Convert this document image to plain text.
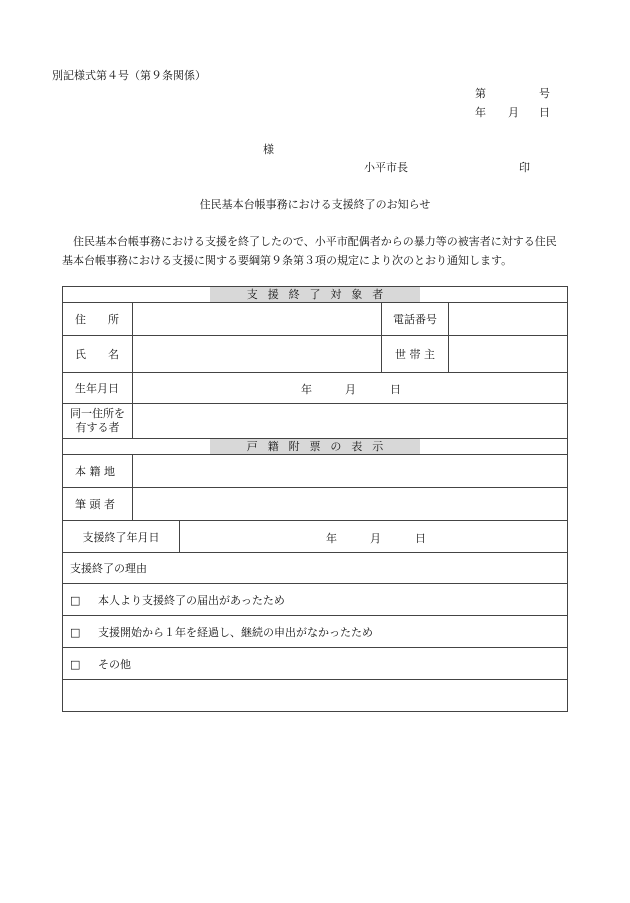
別記様式第４号（第９条関係）
第	号
年 月 日
様
小平市長	印
住民基本台帳事務における支援終了のお知らせ
住民基本台帳事務における支援を終了したので、小平市配偶者からの暴力等の被害者に対する住民基本台帳事務における支援に関する要綱第９条第３項の規定により次のとおり通知します。
支援終了対象者				

住　　所			電話番号	
氏　　名			世 帯 主	
生年月日	年 月 日			

同一住所を
有する者				

戸籍附票の表示				

本 籍 地				
筆 頭 者				
支援終了年月日		年 月 日		

支援終了の理由				
□ 本人より支援終了の届出があったため				
□ 支援開始から１年を経過し、継続の申出がなかったため				
□ その他				
